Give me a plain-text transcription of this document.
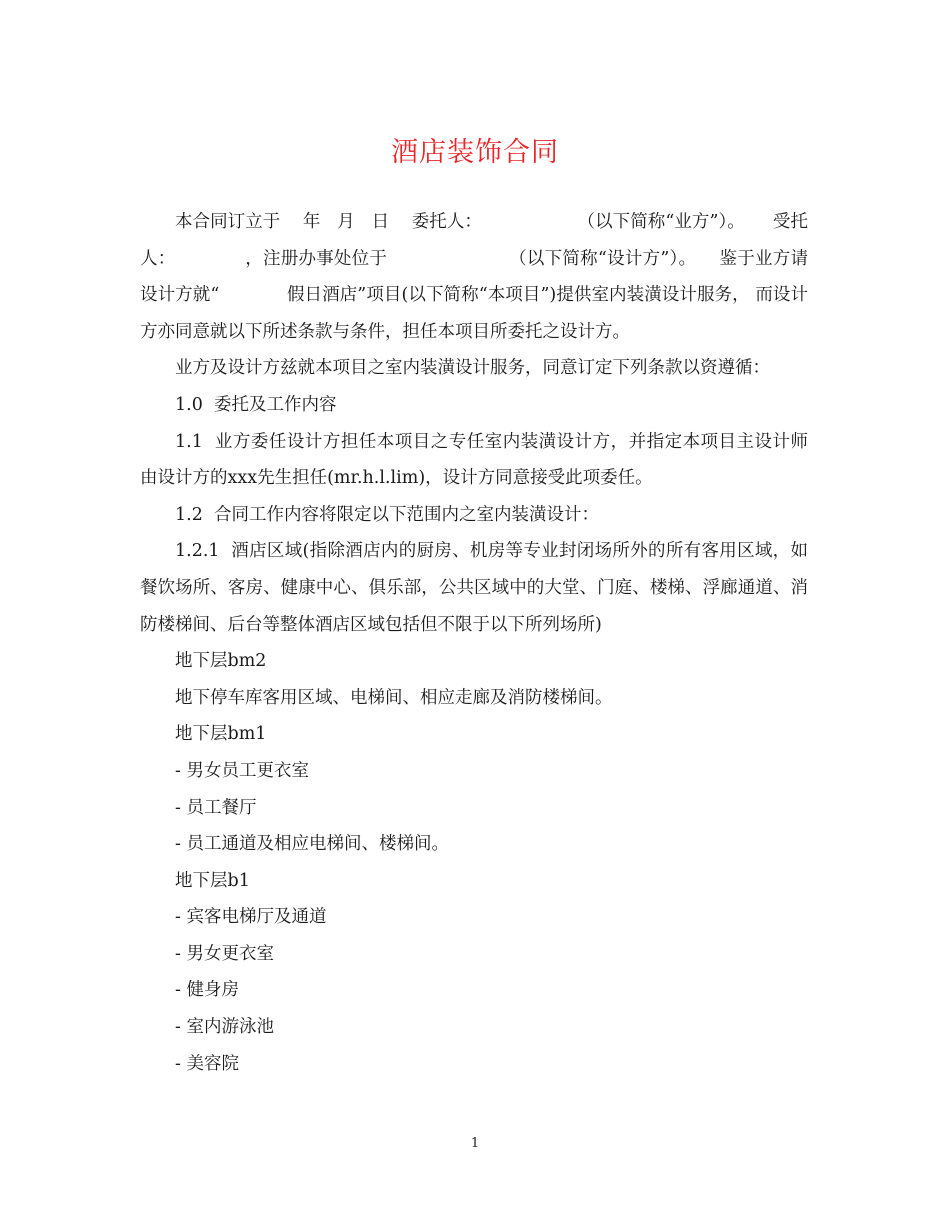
酒店装饰合同

本合同订立于    年   月   日    委托人：                 （以下简称“业方”）。     受托人：            ，注册办事处位于                     （以下简称“设计方”）。    鉴于业方请设计方就“            假日酒店”项目(以下简称“本项目”)提供室内装潢设计服务， 而设计方亦同意就以下所述条款与条件，担任本项目所委托之设计方。

业方及设计方兹就本项目之室内装潢设计服务，同意订定下列条款以资遵循：

1.0  委托及工作内容

1.1  业方委任设计方担任本项目之专任室内装潢设计方，并指定本项目主设计师由设计方的xxx先生担任(mr.h.l.lim)，设计方同意接受此项委任。

1.2  合同工作内容将限定以下范围内之室内装潢设计：

1.2.1  酒店区域(指除酒店内的厨房、机房等专业封闭场所外的所有客用区域，如餐饮场所、客房、健康中心、俱乐部，公共区域中的大堂、门庭、楼梯、浮廊通道、消防楼梯间、后台等整体酒店区域包括但不限于以下所列场所)

地下层bm2

地下停车库客用区域、电梯间、相应走廊及消防楼梯间。

地下层bm1

- 男女员工更衣室

- 员工餐厅

- 员工通道及相应电梯间、楼梯间。

地下层b1

- 宾客电梯厅及通道

- 男女更衣室

- 健身房

- 室内游泳池

- 美容院

1
